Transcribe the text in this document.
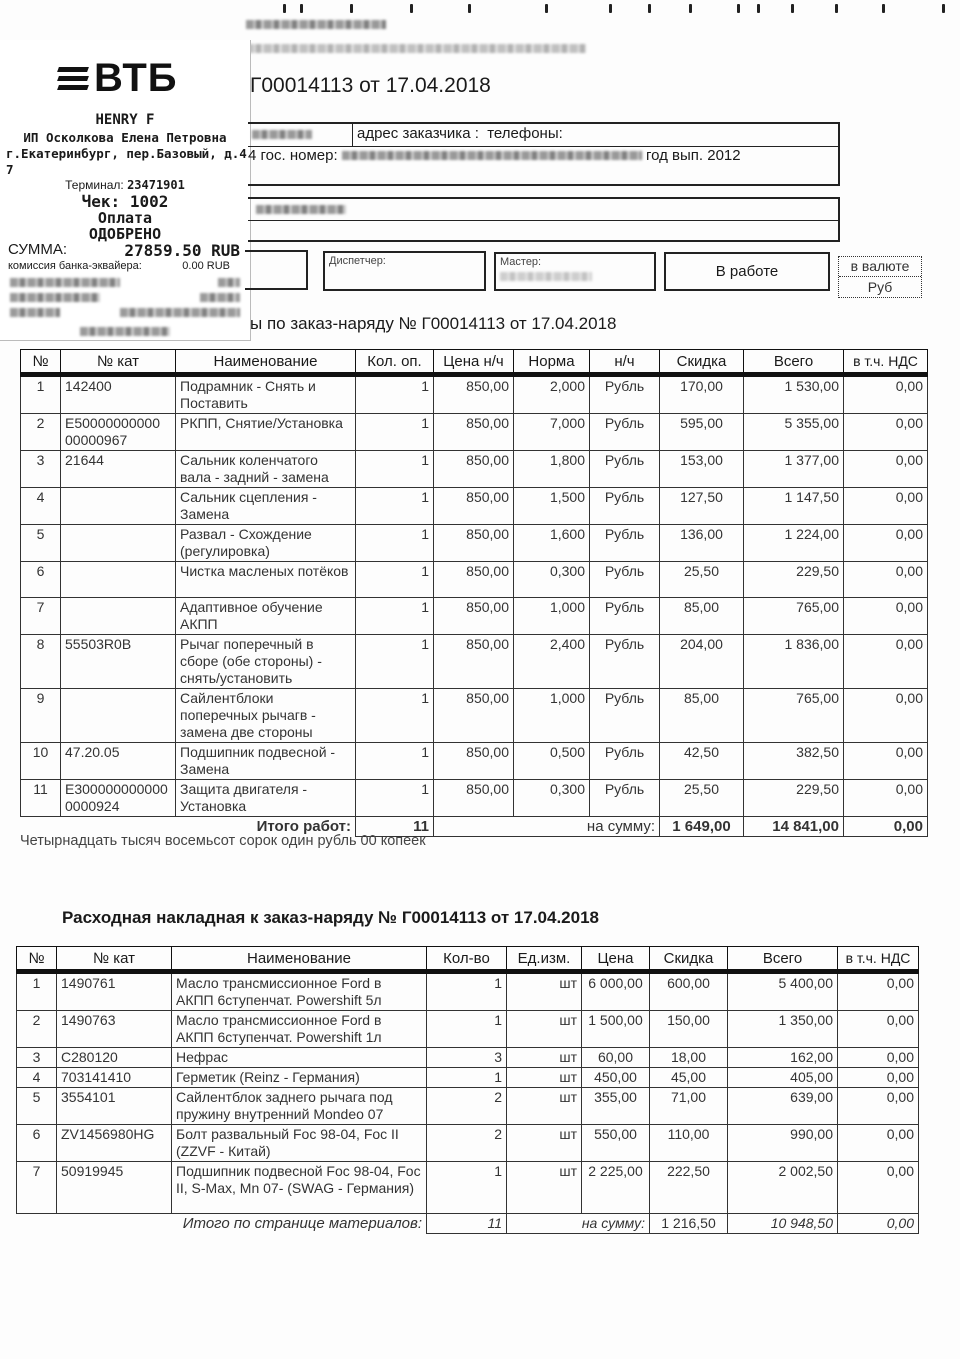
ВТБ
HENRY F
ИП Осколкова Елена Петровна
г.Екатеринбург, пер.Базовый, д.4
7
Терминал: 23471901
Чек: 1002
Оплата
ОДОБРЕНО
СУММА:	27859.50 RUB
комиссия банка-эквайера:	0.00 RUB
Г00014113 от 17.04.2018
адрес заказчика : телефоны:
4 гос. номер:	год вып. 2012
Диспетчер:	Мастер:
В работе	в валюте
Руб
ы по заказ-наряду № Г00014113 от 17.04.2018
№	№ кат	Наименование	Кол. оп.	Цена н/ч	Норма	н/ч	Скидка	Всего	в т.ч. НДС
1	142400	Подрамник - Снять и Поставить	1	850,00	2,000	Рубль	170,00	1 530,00	0,00
2	Е50000000000 00000967	РКПП, Снятие/Установка	1	850,00	7,000	Рубль	595,00	5 355,00	0,00
3	21644	Сальник коленчатого вала - задний - замена	1	850,00	1,800	Рубль	153,00	1 377,00	0,00
4		Сальник сцепления - Замена	1	850,00	1,500	Рубль	127,50	1 147,50	0,00
5		Развал - Схождение (регулировка)	1	850,00	1,600	Рубль	136,00	1 224,00	0,00
6		Чистка масленых потёков	1	850,00	0,300	Рубль	25,50	229,50	0,00
7		Адаптивное обучение АКПП	1	850,00	1,000	Рубль	85,00	765,00	0,00
8	55503R0B	Рычаг поперечный в сборе (обе стороны) - снять/установить	1	850,00	2,400	Рубль	204,00	1 836,00	0,00
9		Сайлентблоки поперечных рычагв - замена две стороны	1	850,00	1,000	Рубль	85,00	765,00	0,00
10	47.20.05	Подшипник подвесной - Замена	1	850,00	0,500	Рубль	42,50	382,50	0,00
11	Е300000000000 0000924	Защита двигателя - Установка	1	850,00	0,300	Рубль	25,50	229,50	0,00
Итого работ:			11	на сумму:			1 649,00	14 841,00	0,00
Четырнадцать тысяч восемьсот сорок один рубль 00 копеек
Расходная накладная к заказ-наряду № Г00014113 от 17.04.2018
№	№ кат	Наименование	Кол-во	Ед.изм.	Цена	Скидка	Всего	в т.ч. НДС
1	1490761	Масло трансмиссионное Ford в АКПП 6ступенчат. Powershift 5л	1	шт	6 000,00	600,00	5 400,00	0,00
2	1490763	Масло трансмиссионное Ford в АКПП 6ступенчат. Powershift 1л	1	шт	1 500,00	150,00	1 350,00	0,00
3	C280120	Нефрас	3	шт	60,00	18,00	162,00	0,00
4	703141410	Герметик (Reinz - Германия)	1	шт	450,00	45,00	405,00	0,00
5	3554101	Сайлентблок заднего рычага под пружину внутренний Mondeo 07	2	шт	355,00	71,00	639,00	0,00
6	ZV1456980HG	Болт развальный Foc 98-04, Foc II (ZZVF - Китай)	2	шт	550,00	110,00	990,00	0,00
7	50919945	Подшипник подвесной Foc 98-04, Foc II, S-Max, Mn 07- (SWAG - Германия)	1	шт	2 225,00	222,50	2 002,50	0,00
Итого по странице материалов:			11	на сумму:		1 216,50	10 948,50	0,00
